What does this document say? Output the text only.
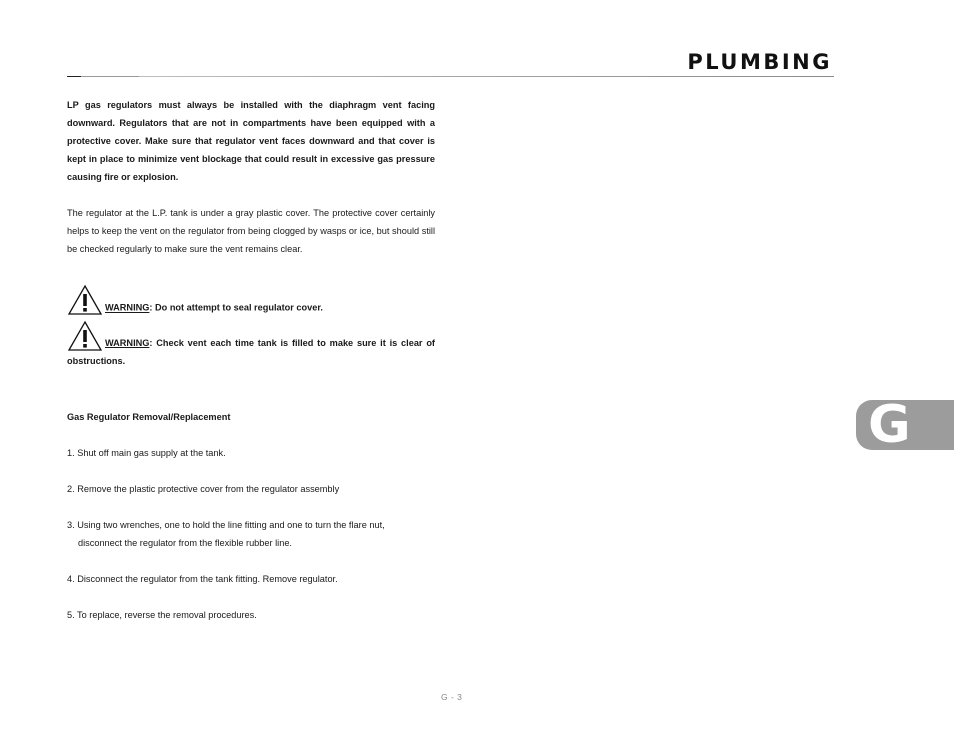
PLUMBING

LP gas regulators must always be installed with the diaphragm vent facing downward. Regulators that are not in compartments have been equipped with a protective cover. Make sure that regulator vent faces downward and that cover is kept in place to minimize vent blockage that could result in excessive gas pressure causing fire or explosion.

The regulator at the L.P. tank is under a gray plastic cover. The protective cover certainly helps to keep the vent on the regulator from being clogged by wasps or ice, but should still be checked regularly to make sure the vent remains clear.

WARNING: Do not attempt to seal regulator cover.

WARNING: Check vent each time tank is filled to make sure it is clear of obstructions.

Gas Regulator Removal/Replacement

1. Shut off main gas supply at the tank.

2. Remove the plastic protective cover from the regulator assembly

3. Using two wrenches, one to hold the line fitting and one to turn the flare nut,
disconnect the regulator from the flexible rubber line.

4. Disconnect the regulator from the tank fitting. Remove regulator.

5. To replace, reverse the removal procedures.

G
G - 3
